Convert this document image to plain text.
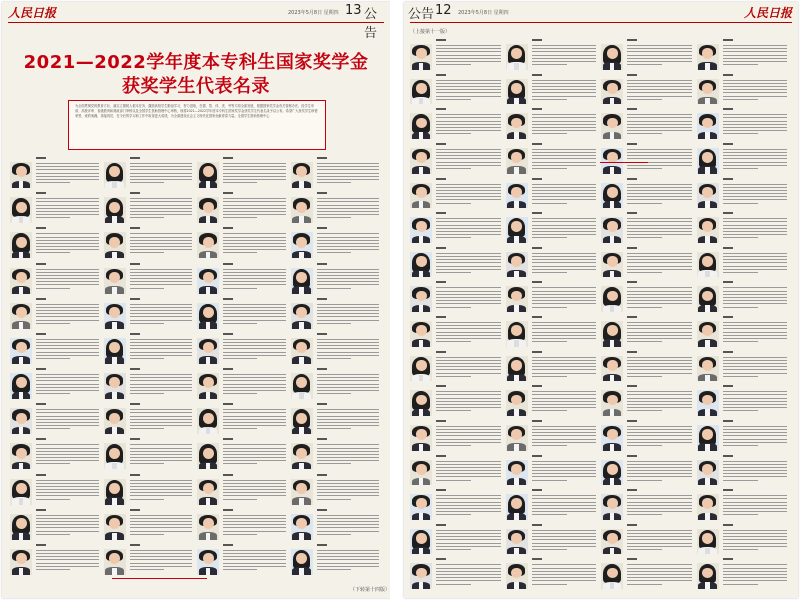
人民日报	2023年5月8日 星期四 13 公告
2021—2022学年度本专科生国家奖学金
获奖学生代表名录
为全面贯彻党的教育方针，落实立德树人根本任务，激励高校学生勤奋学习、努力进取，在德、智、体、美、劳等方面全面发展，根据国家奖学金有关管理办法，经学生申请、高校评审、省级教育和财政部门审核以及全国学生资助管理中心审核，现将2021—2022学年度本专科生国家奖学金获奖学生代表名录予以公布。希望广大获奖学生珍惜荣誉，戒骄戒躁，再接再厉，在今后的学习和工作中取得更大成绩，为全面建设社会主义现代化国家贡献青春力量。全国学生资助管理中心
（下转第十四版）
公告 12 2023年5月8日 星期四	人民日报
（上接第十一版）
